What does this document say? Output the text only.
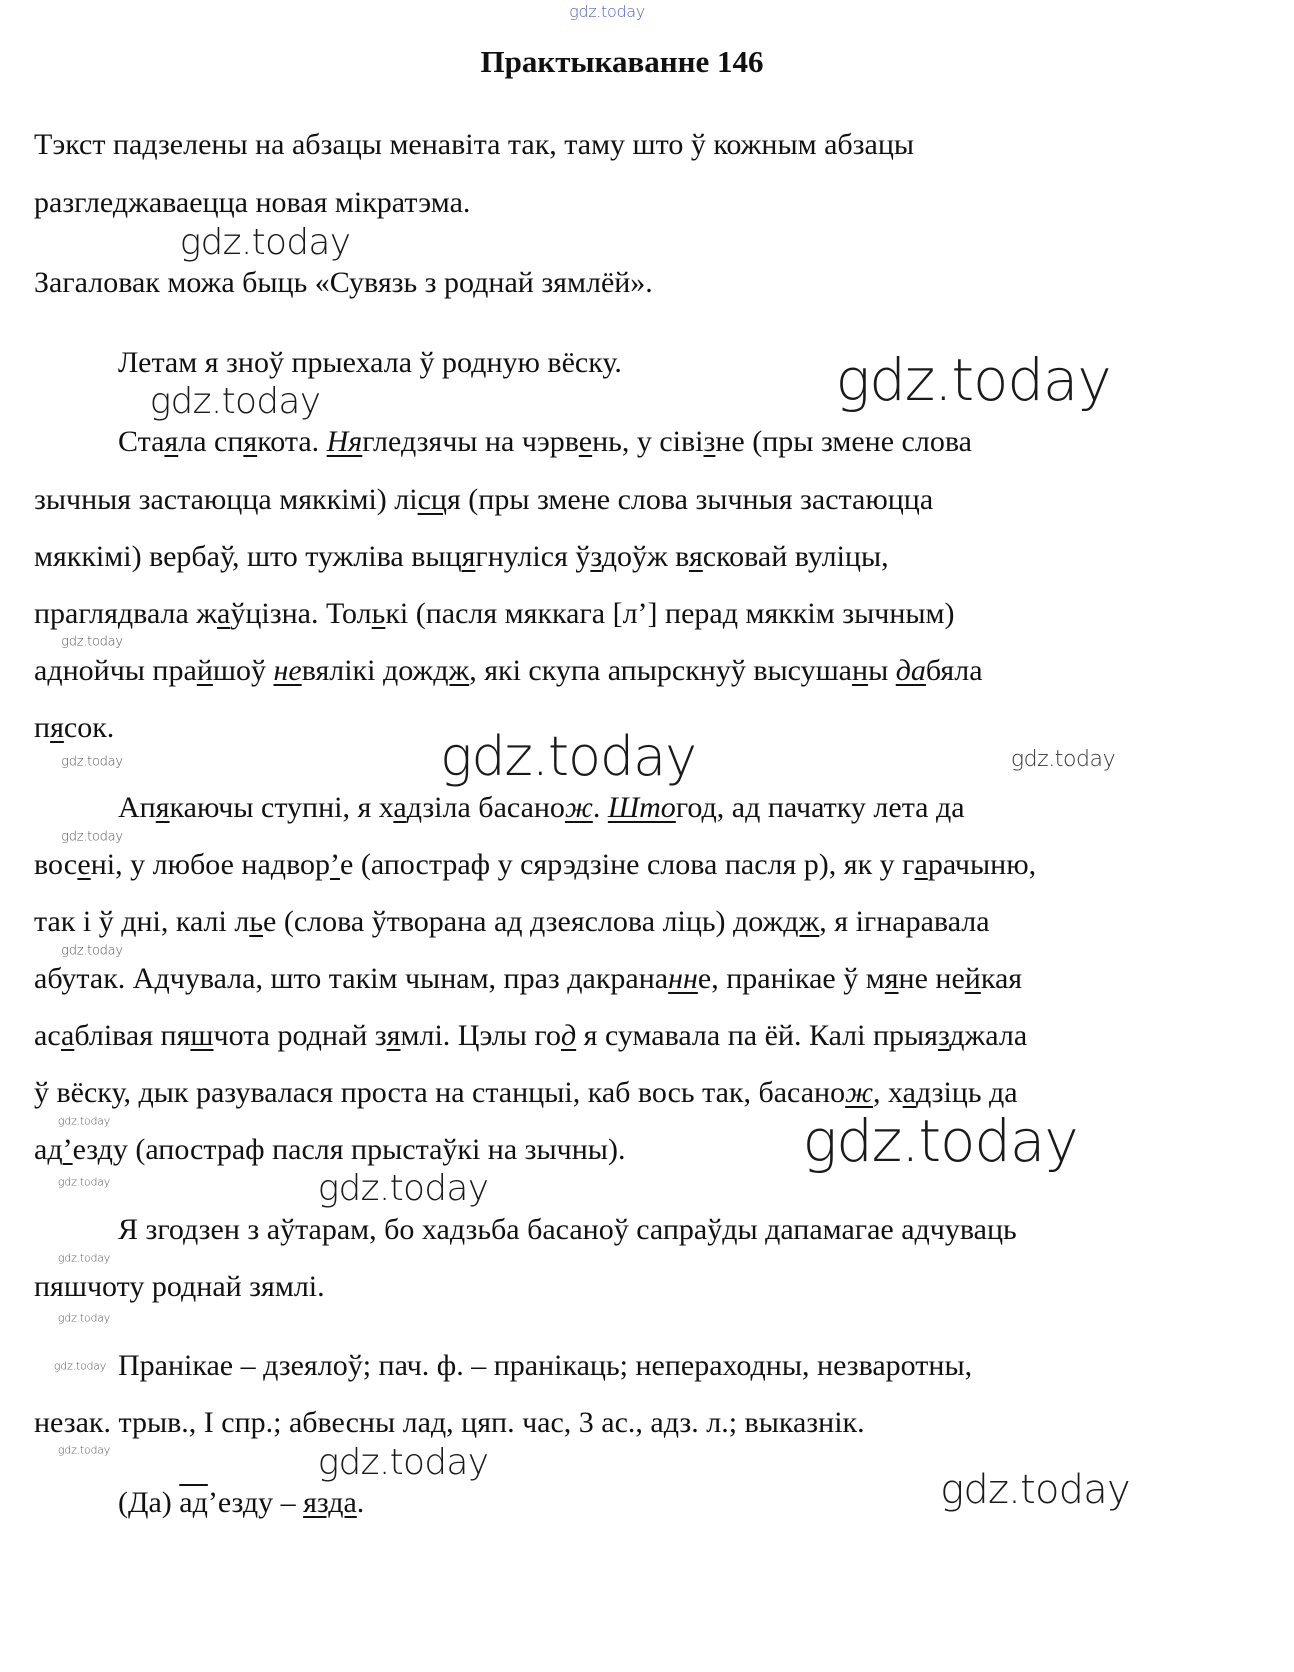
Практыкаванне 146
Тэкст падзелены на абзацы менавіта так, таму што ў кожным абзацы
разгледжаваецца новая мікратэма.
Загаловак можа быць «Сувязь з роднай зямлёй».
Летам я зноў прыехала ў родную вёску.
Стаяла спякота. Нягледзячы на чэрвень, у сівізне (пры змене слова
зычныя застаюцца мяккімі) лісця (пры змене слова зычныя застаюцца
мяккімі) вербаў, што тужліва выцягнуліся ўздоўж вясковай вуліцы,
праглядвала жаўцізна. Толькі (пасля мяккага [л’] перад мяккім зычным)
аднойчы прайшоў невялікі дождж, які скупа апырскнуў высушаны дабяла
пясок.
Апякаючы ступні, я хадзіла басанож. Штогод, ад пачатку лета да
восені, у любое надвор’е (апостраф у сярэдзіне слова пасля р), як у гарачыню,
так і ў дні, калі лье (слова ўтворана ад дзеяслова ліць) дождж, я ігнаравала
абутак. Адчувала, што такім чынам, праз дакрананне, пранікае ў мяне нейкая
асаблівая пяшчота роднай зямлі. Цэлы год я сумавала па ёй. Калі прыязджала
ў вёску, дык разувалася проста на станцыі, каб вось так, басанож, хадзіць да
ад’езду (апостраф пасля прыстаўкі на зычны).
Я згодзен з аўтарам, бо хадзьба басаноў сапраўды дапамагае адчуваць
пяшчоту роднай зямлі.
Пранікае – дзеялоў; пач. ф. – пранікаць; непераходны, незваротны,
незак. трыв., І спр.; абвесны лад, цяп. час, 3 ас., адз. л.; выказнік.
(Да) ад’езду – язда.
gdz.today
gdz.today
gdz.today	gdz.today
gdz.today
gdz.today
gdz.today
gdz.today
gdz.today
gdz.today
gdz.today
gdz.today
gdz.today
gdz.today
gdz.today
gdz.today
gdz.today
gdz.today	gdz.today
gdz.today
